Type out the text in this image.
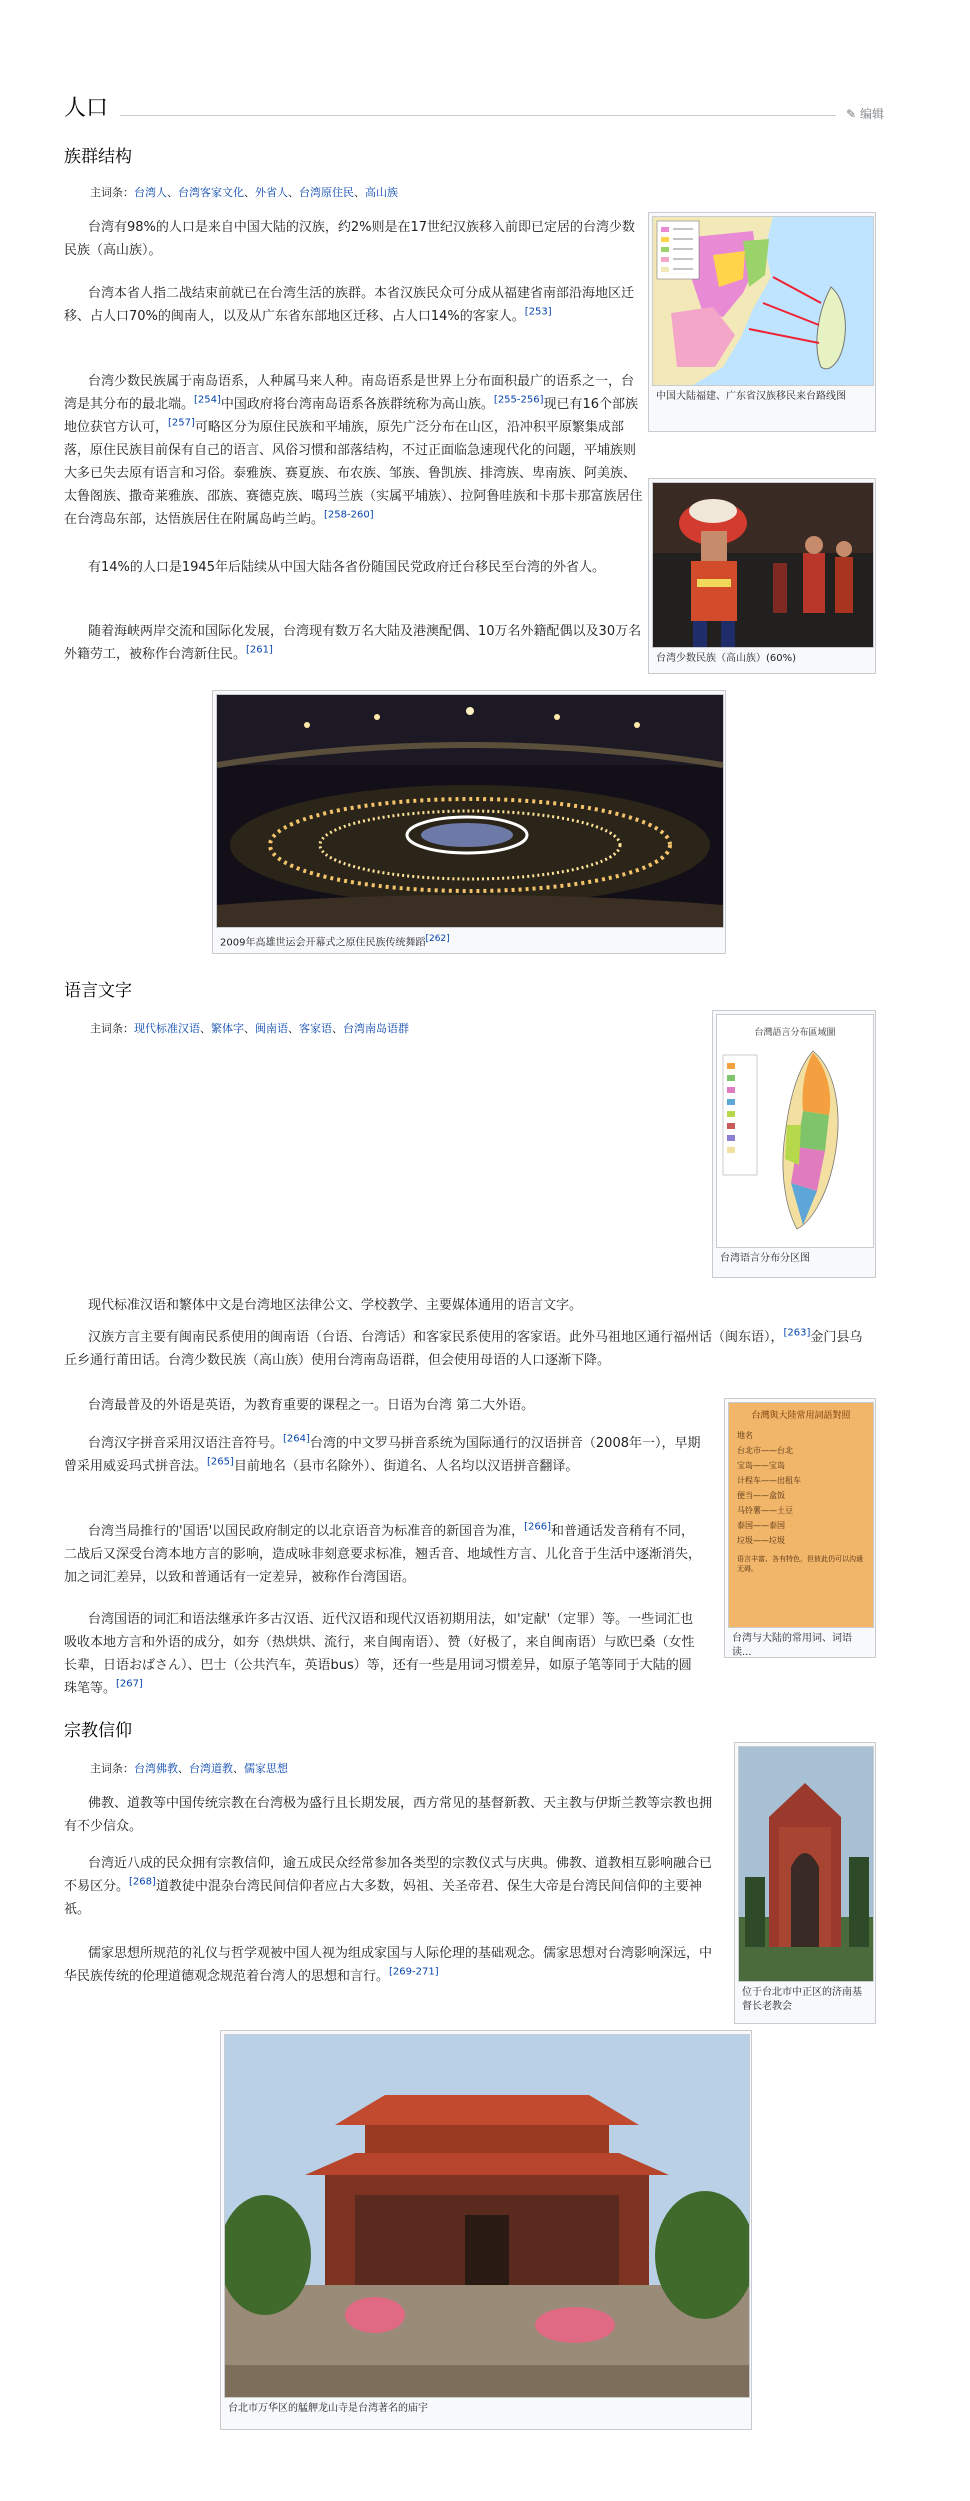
人口	✎ 编辑
族群结构
主词条：台湾人、台湾客家文化、外省人、台湾原住民、高山族
台湾有98%的人口是来自中国大陆的汉族，约2%则是在17世纪汉族移入前即已定居的台湾少数民族（高山族）。
台湾本省人指二战结束前就已在台湾生活的族群。本省汉族民众可分成从福建省南部沿海地区迁移、占人口70%的闽南人，以及从广东省东部地区迁移、占人口14%的客家人。[253]
台湾少数民族属于南岛语系，人种属马来人种。南岛语系是世界上分布面积最广的语系之一，台湾是其分布的最北端。[254]中国政府将台湾南岛语系各族群统称为高山族。[255-256]现已有16个部族地位获官方认可，[257]可略区分为原住民族和平埔族，原先广泛分布在山区，沿冲积平原繁集成部落，原住民族目前保有自己的语言、风俗习惯和部落结构，不过正面临急速现代化的问题，平埔族则大多已失去原有语言和习俗。泰雅族、赛夏族、布农族、邹族、鲁凯族、排湾族、卑南族、阿美族、太鲁阁族、撒奇莱雅族、邵族、赛德克族、噶玛兰族（实属平埔族）、拉阿鲁哇族和卡那卡那富族居住在台湾岛东部，达悟族居住在附属岛屿兰屿。[258-260]
有14%的人口是1945年后陆续从中国大陆各省份随国民党政府迁台移民至台湾的外省人。
随着海峡两岸交流和国际化发展，台湾现有数万名大陆及港澳配偶、10万名外籍配偶以及30万名外籍劳工，被称作台湾新住民。[261]
中国大陆福建、广东省汉族移民来台路线图
台湾少数民族（高山族）(60%)
2009年高雄世运会开幕式之原住民族传统舞蹈[262]
语言文字
主词条：现代标准汉语、繁体字、闽南语、客家语、台湾南岛语群	台灣語言分布區域圖
台湾语言分布分区图
现代标准汉语和繁体中文是台湾地区法律公文、学校教学、主要媒体通用的语言文字。
汉族方言主要有闽南民系使用的闽南语（台语、台湾话）和客家民系使用的客家语。此外马祖地区通行福州话（闽东语），[263]金门县乌丘乡通行莆田话。台湾少数民族（高山族）使用台湾南岛语群，但会使用母语的人口逐渐下降。
台湾最普及的外语是英语，为教育重要的课程之一。日语为台湾 第二大外语。
台湾汉字拼音采用汉语注音符号。[264]台湾的中文罗马拼音系统为国际通行的汉语拼音（2008年一），早期曾采用威妥玛式拼音法。[265]目前地名（县市名除外）、街道名、人名均以汉语拼音翻译。
台湾当局推行的'国语'以国民政府制定的以北京语音为标准音的新国音为准，[266]和普通话发音稍有不同，二战后又深受台湾本地方言的影响，造成咏非刻意要求标准，翘舌音、地域性方言、儿化音于生活中逐渐消失，加之词汇差异，以致和普通话有一定差异，被称作台湾国语。
台湾国语的词汇和语法继承许多古汉语、近代汉语和现代汉语初期用法，如'定献'（定罪）等。一些词汇也吸收本地方言和外语的成分，如夯（热烘烘、流行，来自闽南语）、赞（好极了，来自闽南语）与欧巴桑（女性长辈，日语おばさん）、巴士（公共汽车，英语bus）等，还有一些是用词习惯差异，如原子笔等同于大陆的圆珠笔等。[267]
台灣與大陸常用詞語對照
地名
台北市——台北
宝岛——宝岛
计程车——出租车
便当——盒饭
马铃薯——土豆
泰国——泰国
垃圾——垃圾
语言丰富、各有特色，但彼此仍可以沟通无碍。
台湾与大陆的常用词、词语读...
宗教信仰
主词条：台湾佛教、台湾道教、儒家思想
佛教、道教等中国传统宗教在台湾极为盛行且长期发展，西方常见的基督新教、天主教与伊斯兰教等宗教也拥有不少信众。
台湾近八成的民众拥有宗教信仰，逾五成民众经常参加各类型的宗教仪式与庆典。佛教、道教相互影响融合已不易区分。[268]道教徒中混杂台湾民间信仰者应占大多数，妈祖、关圣帝君、保生大帝是台湾民间信仰的主要神祇。
儒家思想所规范的礼仪与哲学观被中国人视为组成家国与人际伦理的基础观念。儒家思想对台湾影响深远，中华民族传统的伦理道德观念规范着台湾人的思想和言行。[269-271]
位于台北市中正区的济南基督长老教会
台北市万华区的艋舺龙山寺是台湾著名的庙宇
